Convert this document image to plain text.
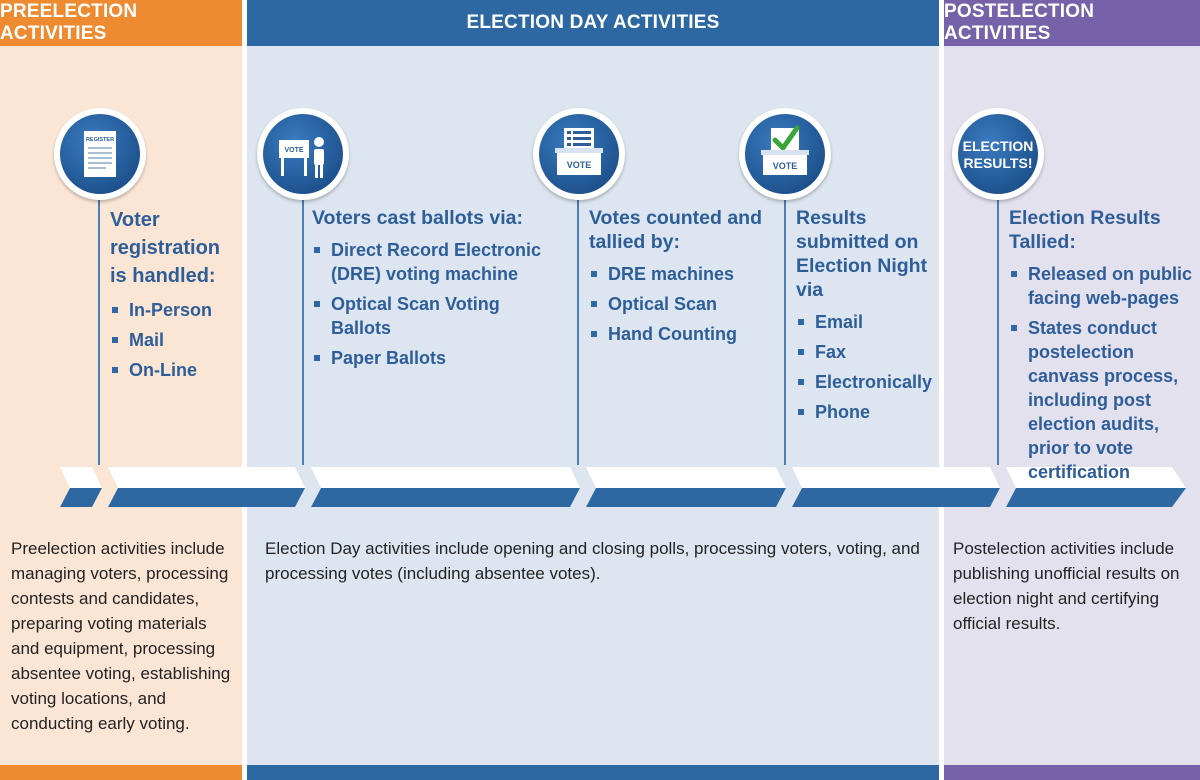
PREELECTION ACTIVITIES
ELECTION DAY ACTIVITIES
POSTELECTION ACTIVITIES
REGISTER
VOTE
VOTE	VOTE
ELECTION
RESULTS!
Voter registration is handled:
In-Person
Mail
On-Line
Voters cast ballots via:
Direct Record Electronic (DRE) voting machine
Optical Scan Voting Ballots
Paper Ballots
Votes counted and tallied by:
DRE machines
Optical Scan
Hand Counting
Results submitted on Election Night via
Email
Fax
Electronically
Phone
Election Results Tallied:
Released on public facing web-pages
States conduct postelection canvass process, including post election audits, prior to vote certification
Preelection activities include managing voters, processing contests and candidates, preparing voting materials and equipment, processing absentee voting, establishing voting locations, and conducting early voting.
Election Day activities include opening and closing polls, processing voters, voting, and processing votes (including absentee votes).
Postelection activities include publishing unofficial results on election night and certifying official results.
